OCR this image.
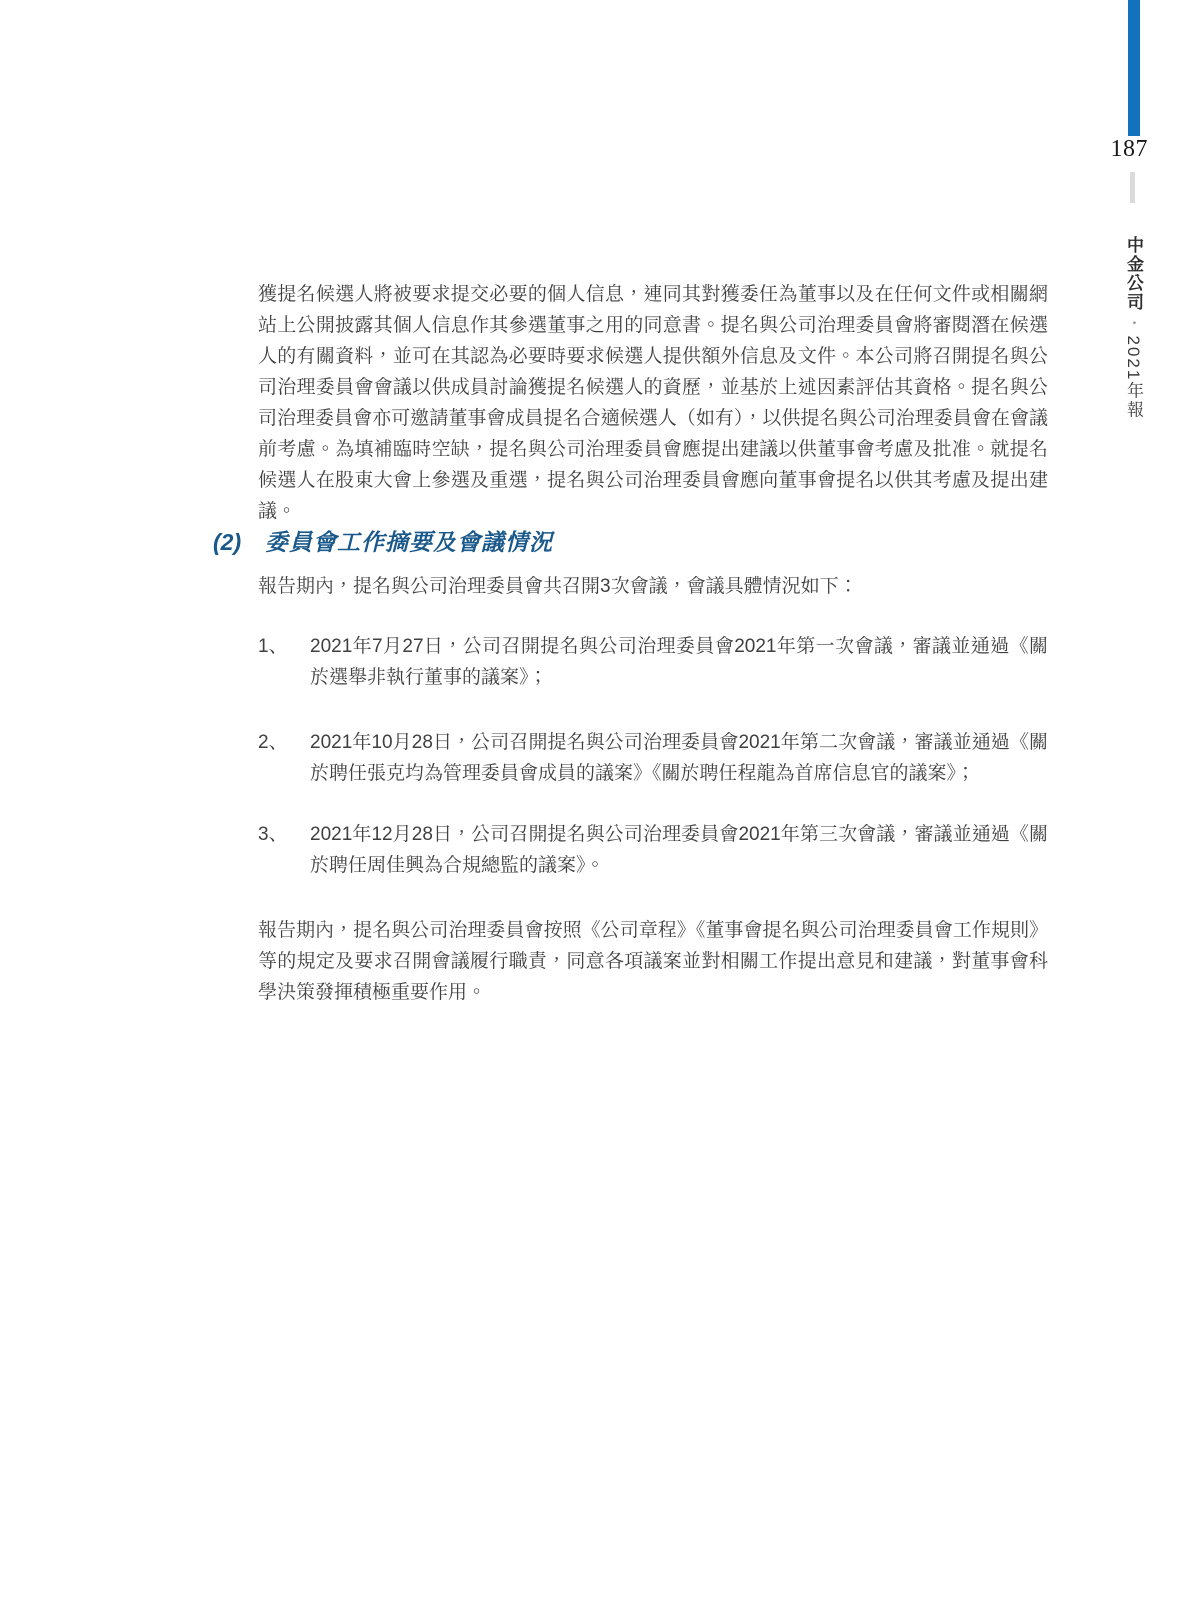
187
中金公司•2021年報

獲提名候選人將被要求提交必要的個人信息，連同其對獲委任為董事以及在任何文件或相關網站上公開披露其個人信息作其參選董事之用的同意書。提名與公司治理委員會將審閱潛在候選人的有關資料，並可在其認為必要時要求候選人提供額外信息及文件。本公司將召開提名與公司治理委員會會議以供成員討論獲提名候選人的資歷，並基於上述因素評估其資格。提名與公司治理委員會亦可邀請董事會成員提名合適候選人（如有），以供提名與公司治理委員會在會議前考慮。為填補臨時空缺，提名與公司治理委員會應提出建議以供董事會考慮及批准。就提名候選人在股東大會上參選及重選，提名與公司治理委員會應向董事會提名以供其考慮及提出建議。

(2)	委員會工作摘要及會議情況

報告期內，提名與公司治理委員會共召開3次會議，會議具體情況如下：

1、	2021年7月27日，公司召開提名與公司治理委員會2021年第一次會議，審議並通過《關於選舉非執行董事的議案》；
2、	2021年10月28日，公司召開提名與公司治理委員會2021年第二次會議，審議並通過《關於聘任張克均為管理委員會成員的議案》《關於聘任程龍為首席信息官的議案》；
3、	2021年12月28日，公司召開提名與公司治理委員會2021年第三次會議，審議並通過《關於聘任周佳興為合規總監的議案》。

報告期內，提名與公司治理委員會按照《公司章程》《董事會提名與公司治理委員會工作規則》等的規定及要求召開會議履行職責，同意各項議案並對相關工作提出意見和建議，對董事會科學決策發揮積極重要作用。
